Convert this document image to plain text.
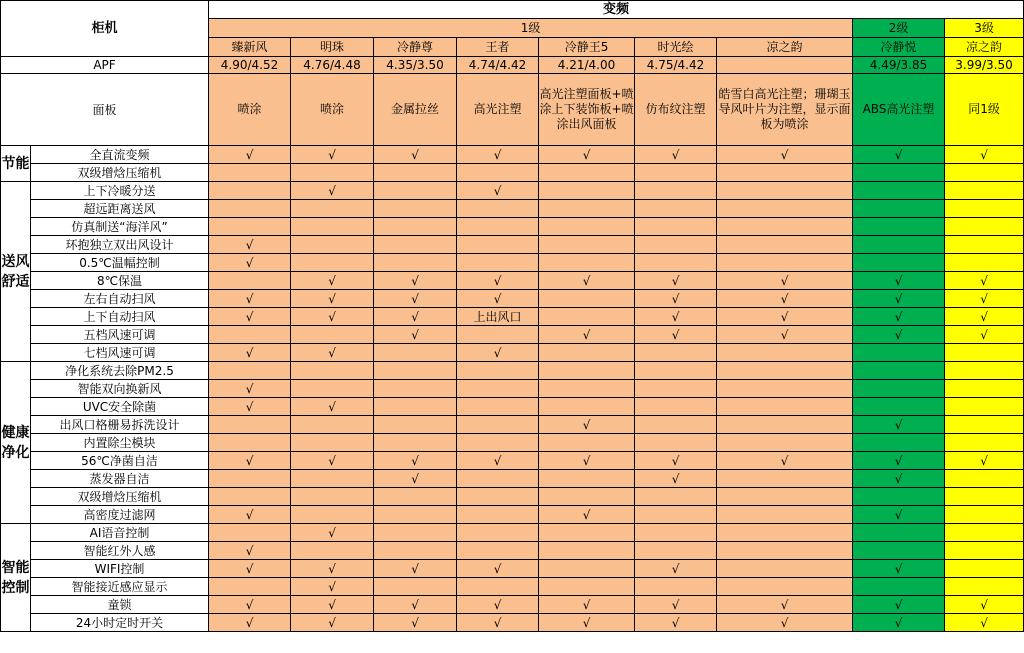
柜机		变频								
		1级							2级	3级
		臻新风	明珠	冷静尊	王者	冷静王5	时光绘	凉之韵	冷静悦	凉之韵
APF		4.90/4.52	4.76/4.48	4.35/3.50	4.74/4.42	4.21/4.00	4.75/4.42		4.49/3.85	3.99/3.50
面板		喷涂	喷涂	金属拉丝	高光注塑	高光注塑面板+喷涂上下装饰板+喷涂出风面板	仿布纹注塑	皓雪白高光注塑；珊瑚玉导风叶片为注塑，显示面板为喷涂	ABS高光注塑	同1级
节能	全直流变频	√	√	√	√	√	√	√	√	√
	双级增焓压缩机									
送风舒适	上下冷暖分送		√		√					
	超远距离送风									
	仿真制送“海洋风”									
	环抱独立双出风设计	√								
	0.5℃温幅控制	√								
	8℃保温		√	√	√	√	√	√	√	√
	左右自动扫风	√	√	√	√		√	√	√	√
	上下自动扫风	√	√	√	上出风口		√	√	√	√
	五档风速可调			√		√	√	√	√	√
	七档风速可调	√	√		√					
健康净化	净化系统去除PM2.5									
	智能双向换新风	√								
	UVC安全除菌	√	√							
	出风口格栅易拆洗设计					√			√	
	内置除尘模块									
	56℃净菌自洁	√	√	√	√	√	√	√	√	√
	蒸发器自洁			√			√		√	
	双级增焓压缩机									
	高密度过滤网	√				√			√	
智能控制	AI语音控制		√							
	智能红外人感	√								
	WIFI控制	√	√	√	√		√		√	
	智能接近感应显示		√							
	童锁	√	√	√	√	√	√	√	√	√
	24小时定时开关	√	√	√	√	√	√	√	√	√
